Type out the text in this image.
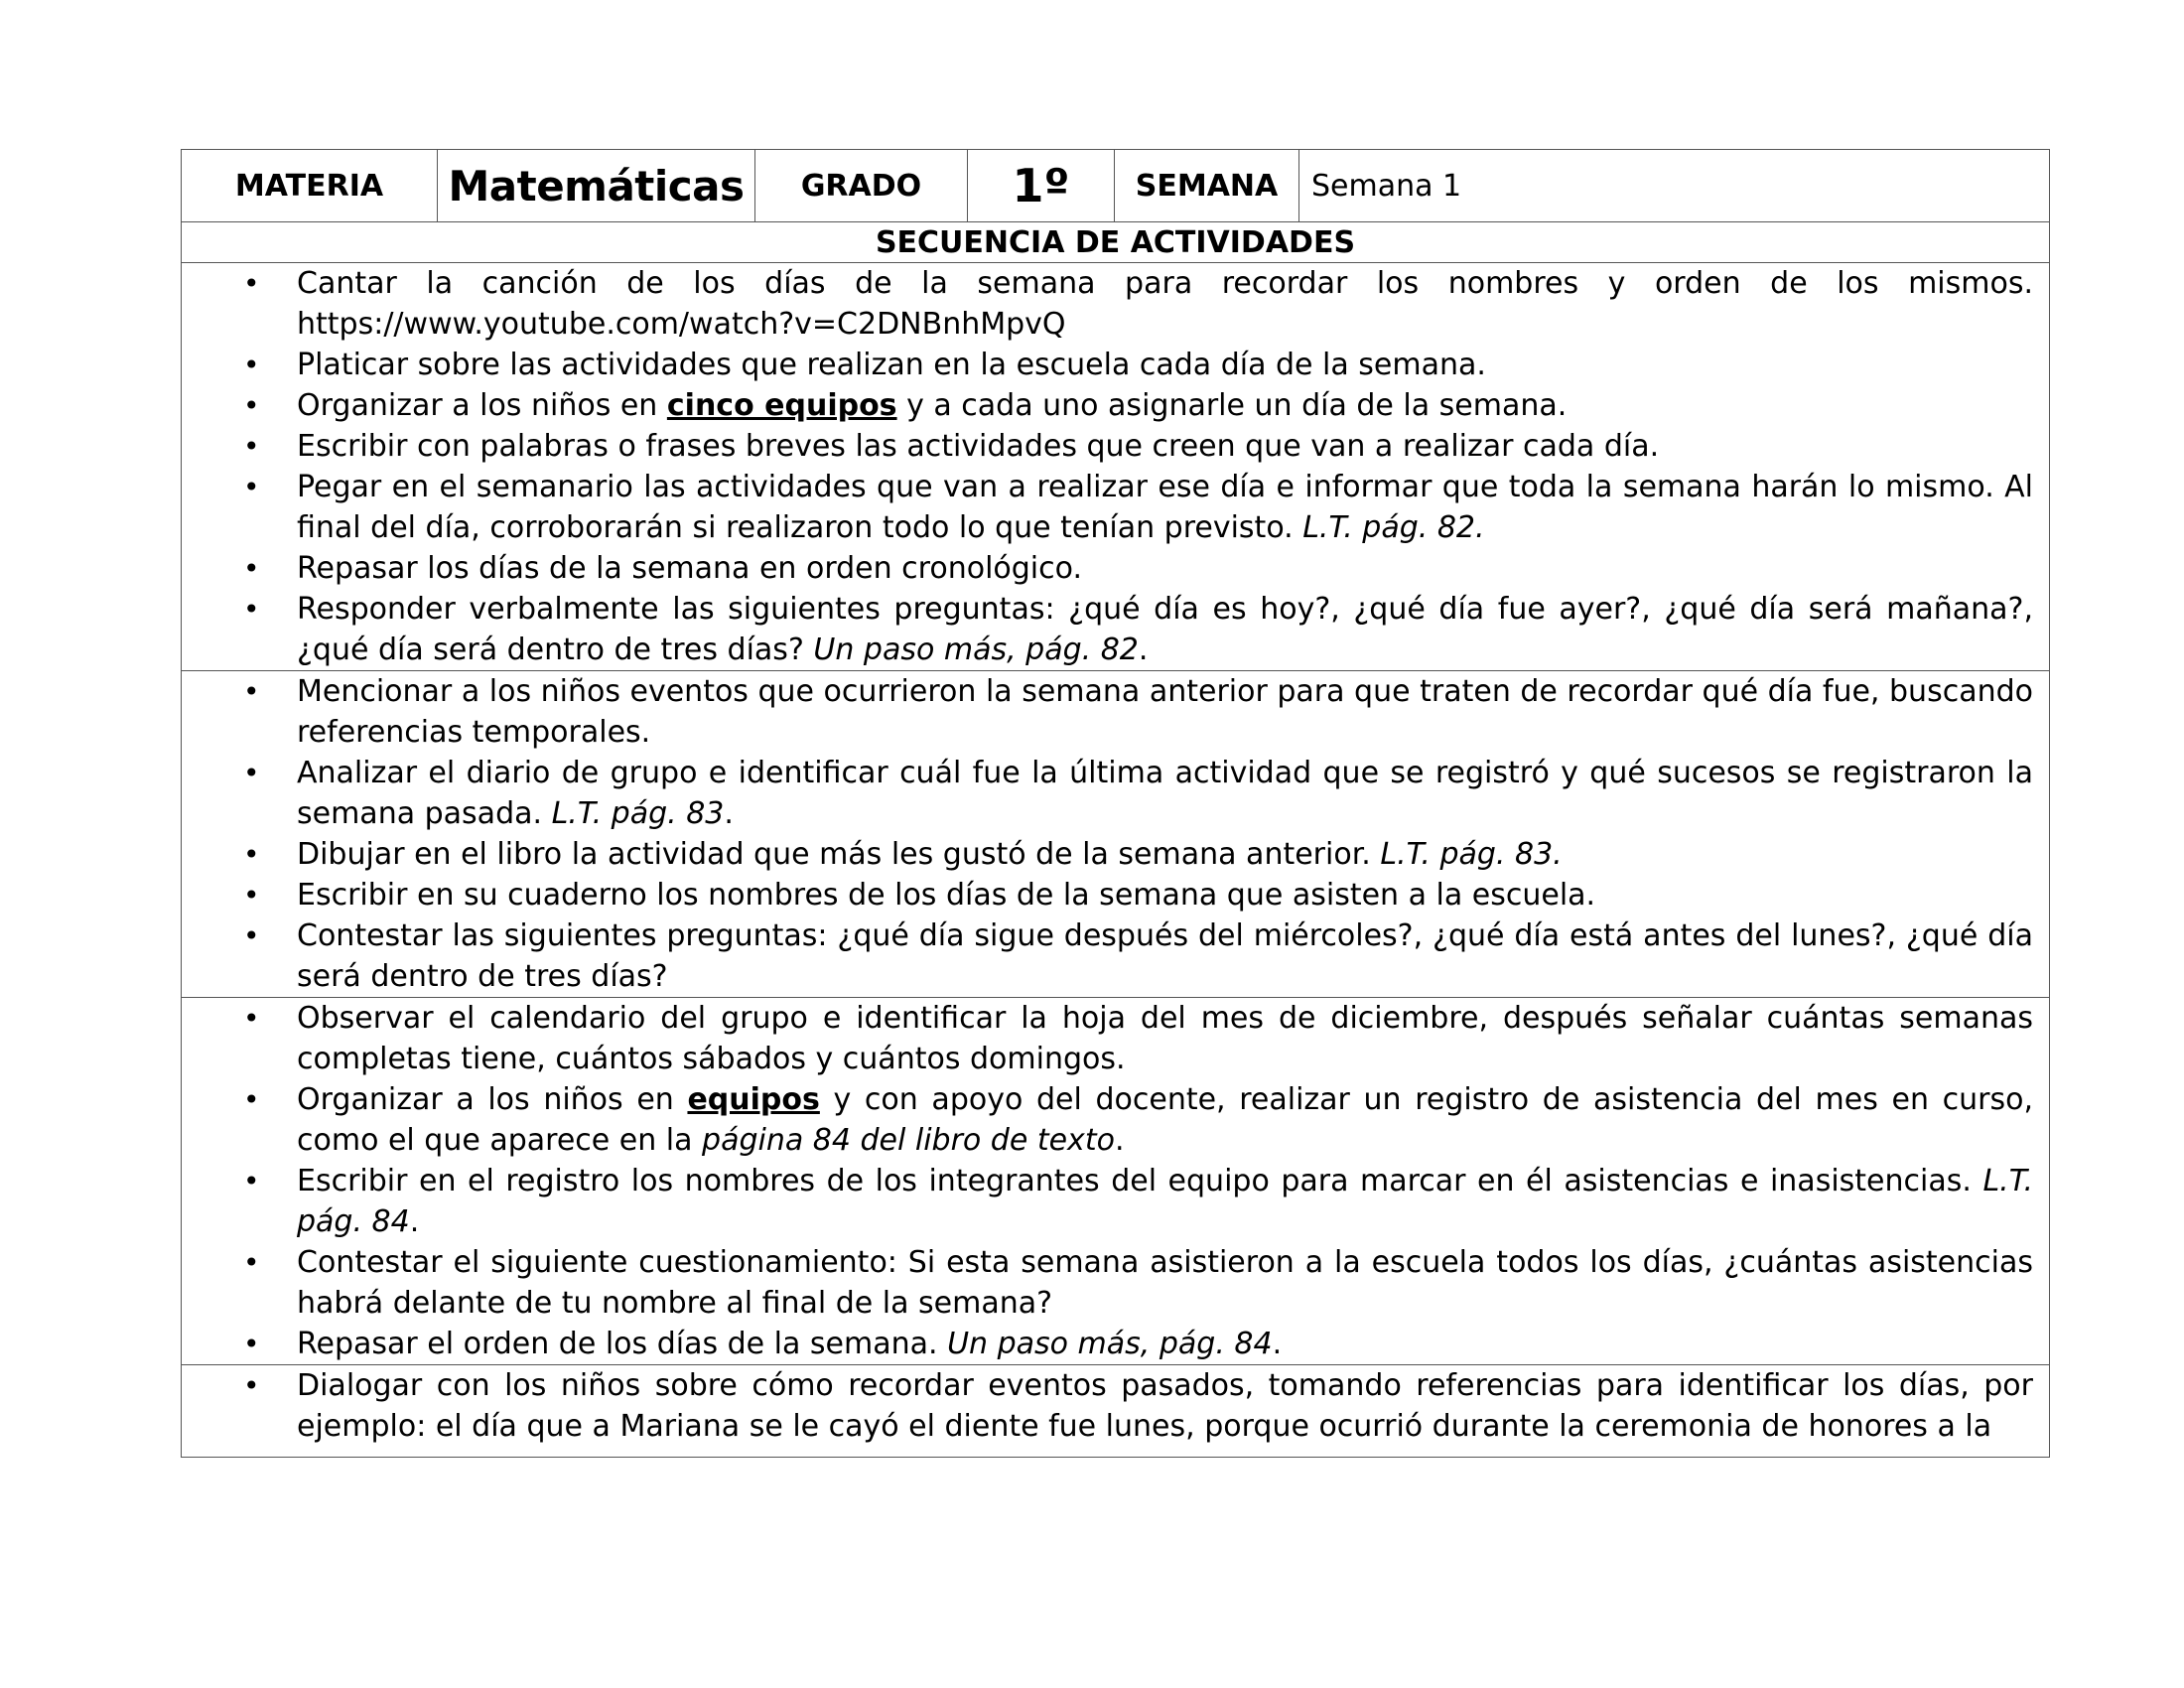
MATERIA	Matemáticas	GRADO	1º	SEMANA	Semana 1
SECUENCIA DE ACTIVIDADES

• Cantar la canción de los días de la semana para recordar los nombres y orden de los mismos. https://www.youtube.com/watch?v=C2DNBnhMpvQ
• Platicar sobre las actividades que realizan en la escuela cada día de la semana.
• Organizar a los niños en cinco equipos y a cada uno asignarle un día de la semana.
• Escribir con palabras o frases breves las actividades que creen que van a realizar cada día.
• Pegar en el semanario las actividades que van a realizar ese día e informar que toda la semana harán lo mismo. Al final del día, corroborarán si realizaron todo lo que tenían previsto. L.T. pág. 82.
• Repasar los días de la semana en orden cronológico.
• Responder verbalmente las siguientes preguntas: ¿qué día es hoy?, ¿qué día fue ayer?, ¿qué día será mañana?, ¿qué día será dentro de tres días? Un paso más, pág. 82.

• Mencionar a los niños eventos que ocurrieron la semana anterior para que traten de recordar qué día fue, buscando referencias temporales.
• Analizar el diario de grupo e identificar cuál fue la última actividad que se registró y qué sucesos se registraron la semana pasada. L.T. pág. 83.
• Dibujar en el libro la actividad que más les gustó de la semana anterior. L.T. pág. 83.
• Escribir en su cuaderno los nombres de los días de la semana que asisten a la escuela.
• Contestar las siguientes preguntas: ¿qué día sigue después del miércoles?, ¿qué día está antes del lunes?, ¿qué día será dentro de tres días?

• Observar el calendario del grupo e identificar la hoja del mes de diciembre, después señalar cuántas semanas completas tiene, cuántos sábados y cuántos domingos.
• Organizar a los niños en equipos y con apoyo del docente, realizar un registro de asistencia del mes en curso, como el que aparece en la página 84 del libro de texto.
• Escribir en el registro los nombres de los integrantes del equipo para marcar en él asistencias e inasistencias. L.T. pág. 84.
• Contestar el siguiente cuestionamiento: Si esta semana asistieron a la escuela todos los días, ¿cuántas asistencias habrá delante de tu nombre al final de la semana?
• Repasar el orden de los días de la semana. Un paso más, pág. 84.

• Dialogar con los niños sobre cómo recordar eventos pasados, tomando referencias para identificar los días, por ejemplo: el día que a Mariana se le cayó el diente fue lunes, porque ocurrió durante la ceremonia de honores a la
